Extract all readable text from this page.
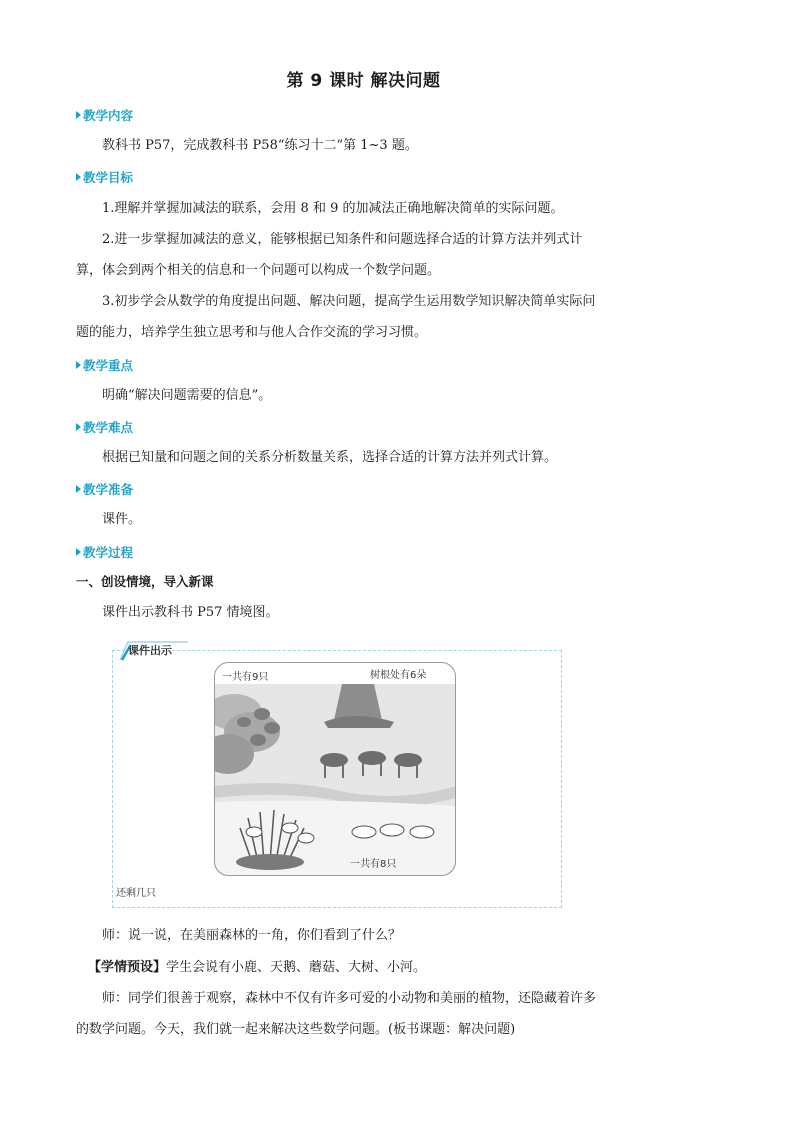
第 9 课时 解决问题
教学内容
教科书 P57，完成教科书 P58“练习十二”第 1~3 题。
教学目标
1.理解并掌握加减法的联系，会用 8 和 9 的加减法正确地解决简单的实际问题。
2.进一步掌握加减法的意义，能够根据已知条件和问题选择合适的计算方法并列式计算，体会到两个相关的信息和一个问题可以构成一个数学问题。
3.初步学会从数学的角度提出问题、解决问题，提高学生运用数学知识解决简单实际问题的能力，培养学生独立思考和与他人合作交流的学习习惯。
教学重点
明确“解决问题需要的信息”。
教学难点
根据已知量和问题之间的关系分析数量关系，选择合适的计算方法并列式计算。
教学准备
课件。
教学过程
一、创设情境，导入新课
课件出示教科书 P57 情境图。
课件出示
一共有9只	树根处有6朵
一共有8只
还剩几只
师：说一说，在美丽森林的一角，你们看到了什么？
【学情预设】学生会说有小鹿、天鹅、蘑菇、大树、小河。
师：同学们很善于观察，森林中不仅有许多可爱的小动物和美丽的植物，还隐藏着许多的数学问题。今天，我们就一起来解决这些数学问题。(板书课题：解决问题)
